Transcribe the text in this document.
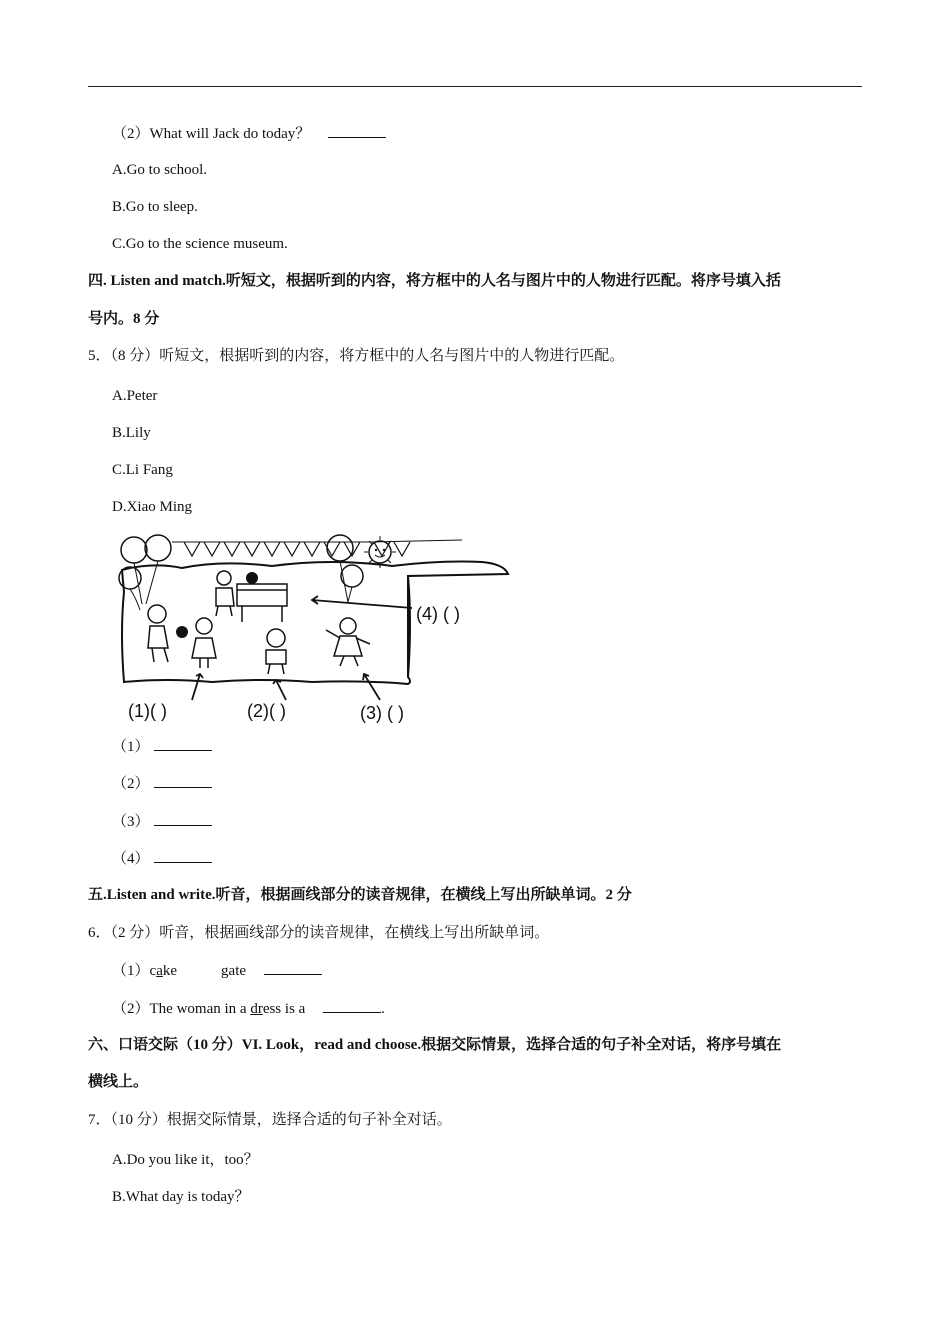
（2）What will Jack do today？
A.Go to school.
B.Go to sleep.
C.Go to the science museum.
四. Listen and match.听短文，根据听到的内容，将方框中的人名与图片中的人物进行匹配。将序号填入括
号内。8 分
5．（8 分）听短文，根据听到的内容，将方框中的人名与图片中的人物进行匹配。
A.Peter
B.Lily
C.Li Fang
D.Xiao Ming
(1)( )	(2)( )	(3) ( )
(4) ( )
（1）
（2）
（3）
（4）
五.Listen and write.听音，根据画线部分的读音规律，在横线上写出所缺单词。2 分
6．（2 分）听音，根据画线部分的读音规律，在横线上写出所缺单词。
（1）cake	gate
（2）The woman in a dress is a	.
六、口语交际（10 分）VI. Look，read and choose.根据交际情景，选择合适的句子补全对话，将序号填在
横线上。
7．（10 分）根据交际情景，选择合适的句子补全对话。
A.Do you like it，too？
B.What day is today？
